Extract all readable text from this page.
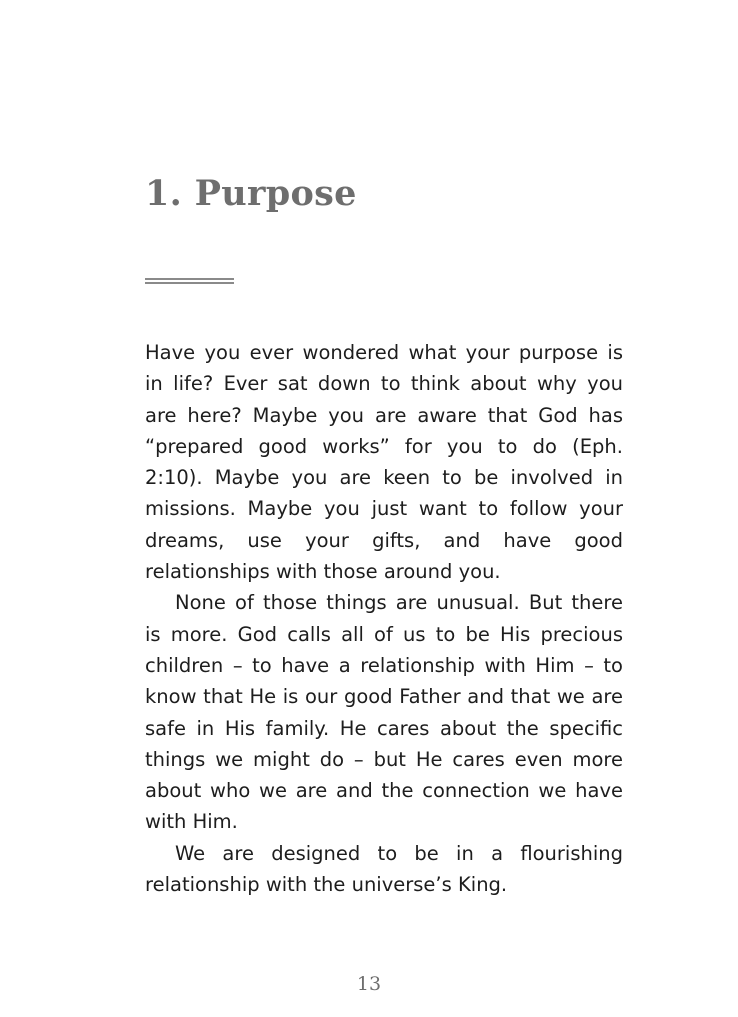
1. Purpose

Have you ever wondered what your purpose is in life? Ever sat down to think about why you are here? Maybe you are aware that God has “prepared good works” for you to do (Eph. 2:10). Maybe you are keen to be involved in missions. Maybe you just want to follow your dreams, use your gifts, and have good relationships with those around you.

None of those things are unusual. But there is more. God calls all of us to be His precious children – to have a relationship with Him – to know that He is our good Father and that we are safe in His family. He cares about the specific things we might do – but He cares even more about who we are and the connection we have with Him.

We are designed to be in a flourishing relationship with the universe’s King.

13
